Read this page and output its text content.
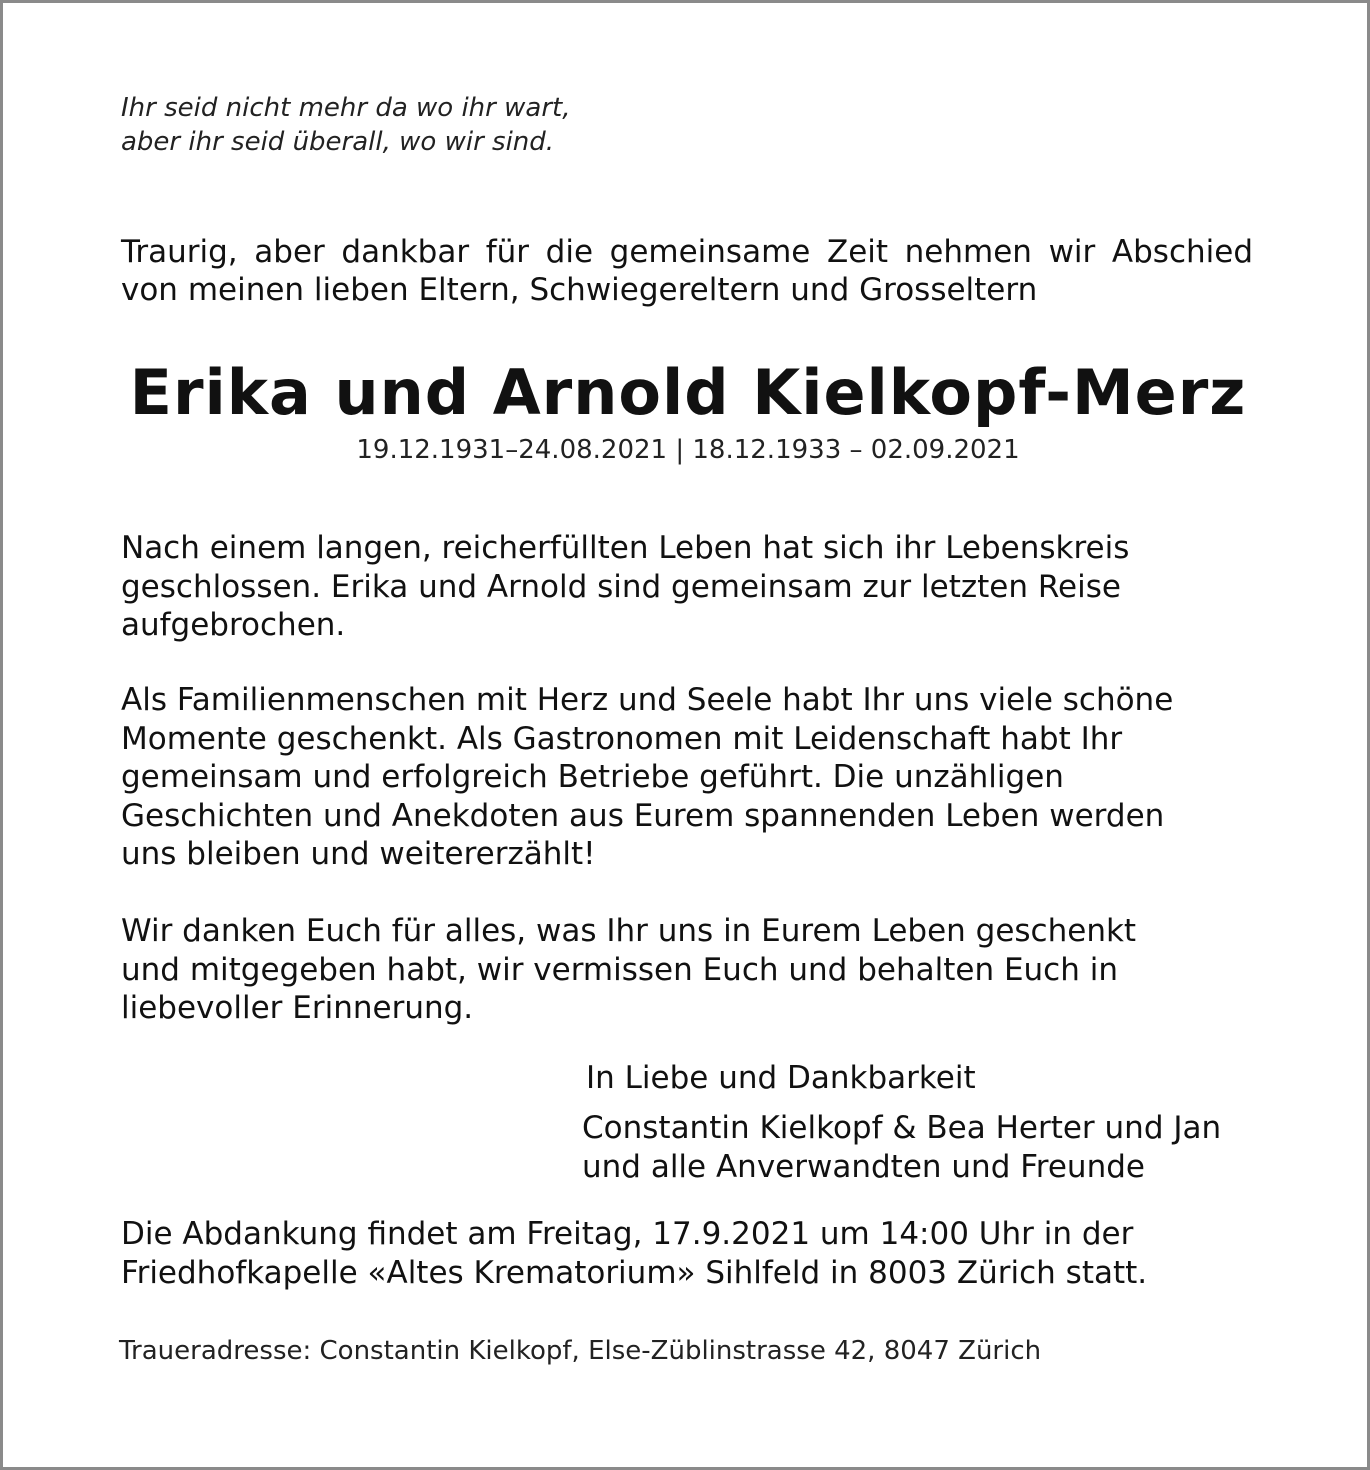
Ihr seid nicht mehr da wo ihr wart,
aber ihr seid überall, wo wir sind.
Traurig, aber dankbar für die gemeinsame Zeit nehmen wir Abschied
von meinen lieben Eltern, Schwiegereltern und Grosseltern
Erika und Arnold Kielkopf-Merz
19.12.1931–24.08.2021 | 18.12.1933 – 02.09.2021
Nach einem langen, reicherfüllten Leben hat sich ihr Lebenskreis
geschlossen. Erika und Arnold sind gemeinsam zur letzten Reise
aufgebrochen.
Als Familienmenschen mit Herz und Seele habt Ihr uns viele schöne
Momente geschenkt. Als Gastronomen mit Leidenschaft habt Ihr
gemeinsam und erfolgreich Betriebe geführt. Die unzähligen
Geschichten und Anekdoten aus Eurem spannenden Leben werden
uns bleiben und weitererzählt!
Wir danken Euch für alles, was Ihr uns in Eurem Leben geschenkt
und mitgegeben habt, wir vermissen Euch und behalten Euch in
liebevoller Erinnerung.
In Liebe und Dankbarkeit
Constantin Kielkopf & Bea Herter und Jan
und alle Anverwandten und Freunde
Die Abdankung findet am Freitag, 17.9.2021 um 14:00 Uhr in der
Friedhofkapelle «Altes Krematorium» Sihlfeld in 8003 Zürich statt.
Traueradresse: Constantin Kielkopf, Else-Züblinstrasse 42, 8047 Zürich
